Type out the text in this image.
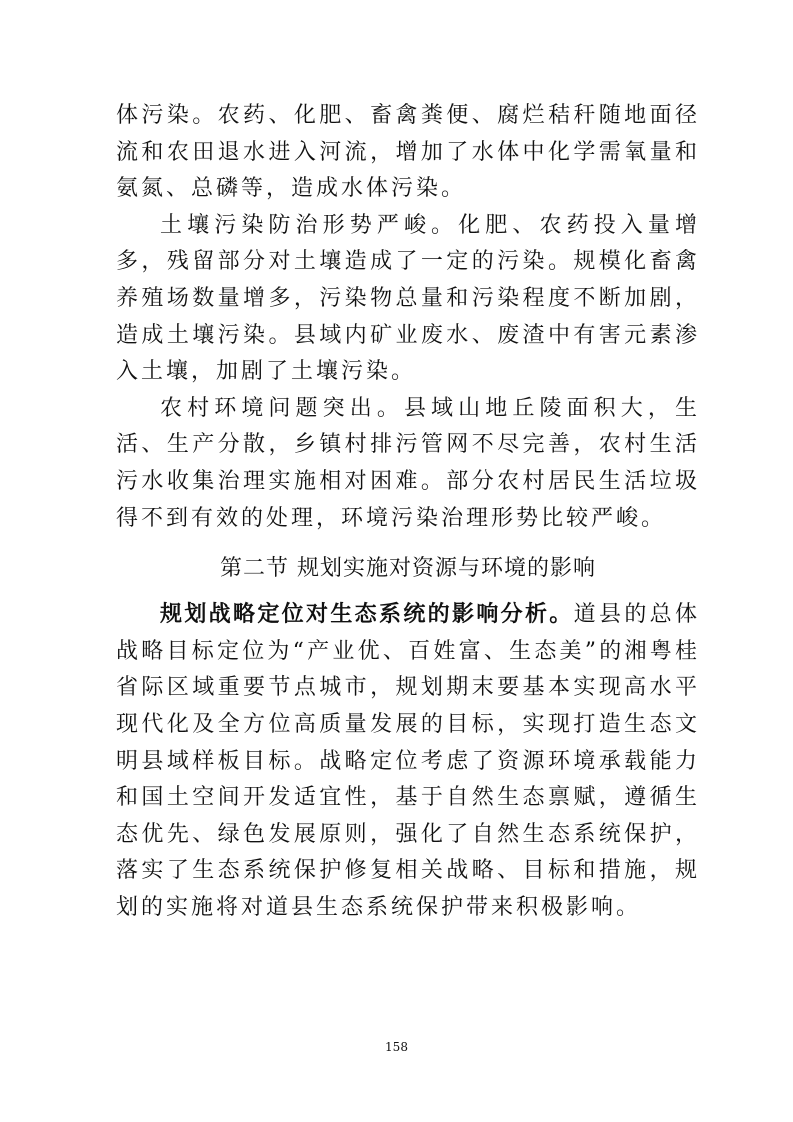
体污染。农药、化肥、畜禽粪便、腐烂秸秆随地面径流和农田退水进入河流，增加了水体中化学需氧量和氨氮、总磷等，造成水体污染。

土壤污染防治形势严峻。化肥、农药投入量增多，残留部分对土壤造成了一定的污染。规模化畜禽养殖场数量增多，污染物总量和污染程度不断加剧，造成土壤污染。县域内矿业废水、废渣中有害元素渗入土壤，加剧了土壤污染。

农村环境问题突出。县域山地丘陵面积大，生活、生产分散，乡镇村排污管网不尽完善，农村生活污水收集治理实施相对困难。部分农村居民生活垃圾得不到有效的处理，环境污染治理形势比较严峻。

第二节 规划实施对资源与环境的影响

规划战略定位对生态系统的影响分析。道县的总体战略目标定位为“产业优、百姓富、生态美”的湘粤桂省际区域重要节点城市，规划期末要基本实现高水平现代化及全方位高质量发展的目标，实现打造生态文明县域样板目标。战略定位考虑了资源环境承载能力和国土空间开发适宜性，基于自然生态禀赋，遵循生态优先、绿色发展原则，强化了自然生态系统保护，落实了生态系统保护修复相关战略、目标和措施，规划的实施将对道县生态系统保护带来积极影响。

158
